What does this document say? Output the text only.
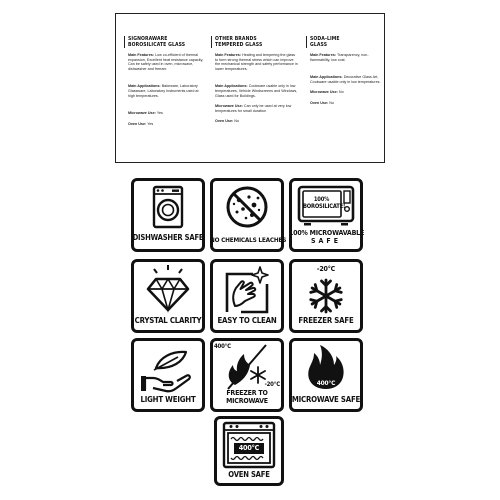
SIGNORAWARE
BOROSILICATE GLASS
Main Features: Low co-efficient of thermal expansion, Excellent heat resistance capacity, Can be safely used in oven, microwave, dishwasher and freezer.
Main Applications: Bakeware, Laboratory Glassware, Laboratory Instruments used at high temperatures.
Microwave Use: Yes
Oven Use: Yes
OTHER BRANDS
TEMPERED GLASS
Main Features: Heating and tempering the glass to form strong thermal stress which can improve the mechanical strength and safety performance in lower temperatures.
Main Applications: Cookware usable only in low temperatures, Vehicle Windscreens and Windows, Glass used for Buildings.
Microwave Use: Can only be used at very low temperatures for small duration
Oven Use: No
SODA-LIME
GLASS
Main Features: Transparency, non-flammability, low cost.
Main Applications: Decorative Glass Art, Cookware usable only in low temperatures.
Microwave Use: No
Oven Use: No
DISHWASHER SAFE NO CHEMICALS LEACHES
100%
BOROSILICATE!
100% MICROWAVABLE
SAFE
CRYSTAL CLARITY	EASY TO CLEAN
-20°C
FREEZER SAFE
LIGHT WEIGHT
400°C
-20°C
FREEZER TO
MICROWAVE
400°C
MICROWAVE SAFE
400°C
OVEN SAFE
